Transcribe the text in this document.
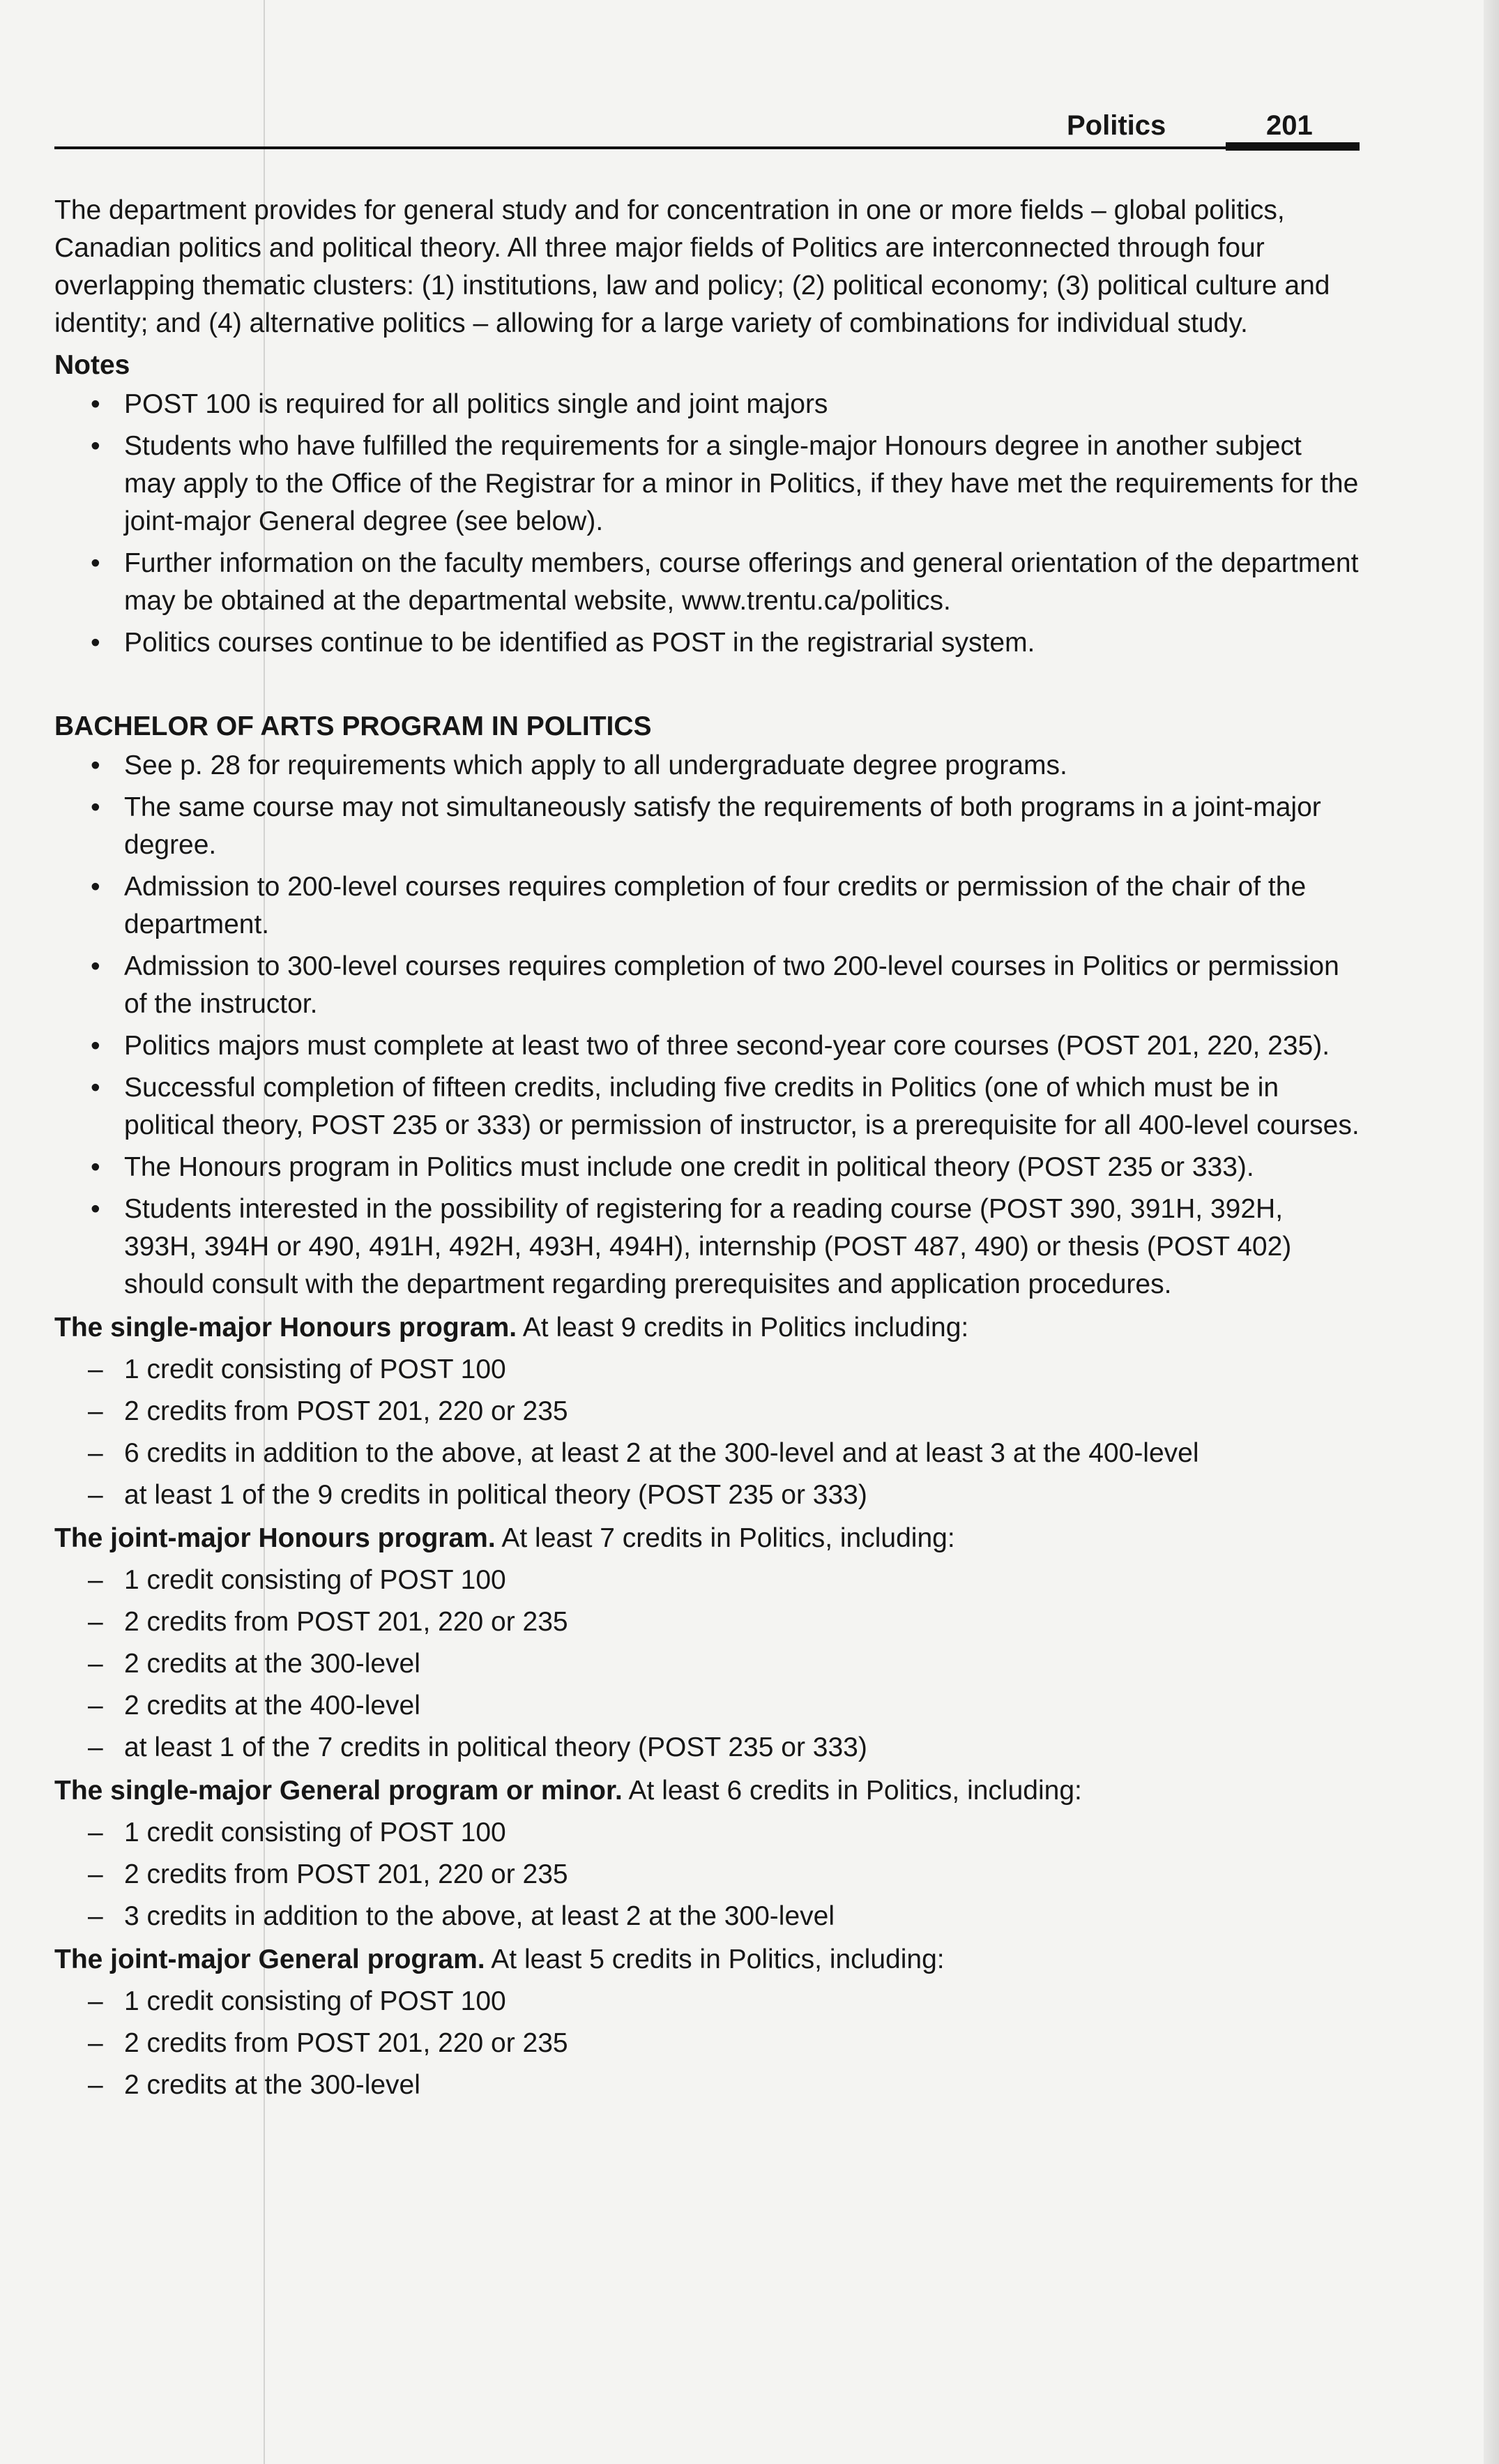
Politics	201

The department provides for general study and for concentration in one or more fields – global politics, Canadian politics and political theory. All three major fields of Politics are interconnected through four overlapping thematic clusters: (1) institutions, law and policy; (2) political economy; (3) political culture and identity; and (4) alternative politics – allowing for a large variety of combinations for individual study.

Notes

• POST 100 is required for all politics single and joint majors
• Students who have fulfilled the requirements for a single-major Honours degree in another subject may apply to the Office of the Registrar for a minor in Politics, if they have met the requirements for the joint-major General degree (see below).
• Further information on the faculty members, course offerings and general orientation of the department may be obtained at the departmental website, www.trentu.ca/politics.
• Politics courses continue to be identified as POST in the registrarial system.

BACHELOR OF ARTS PROGRAM IN POLITICS

• See p. 28 for requirements which apply to all undergraduate degree programs.
• The same course may not simultaneously satisfy the requirements of both programs in a joint-major degree.
• Admission to 200-level courses requires completion of four credits or permission of the chair of the department.
• Admission to 300-level courses requires completion of two 200-level courses in Politics or permission of the instructor.
• Politics majors must complete at least two of three second-year core courses (POST 201, 220, 235).
• Successful completion of fifteen credits, including five credits in Politics (one of which must be in political theory, POST 235 or 333) or permission of instructor, is a prerequisite for all 400-level courses.
• The Honours program in Politics must include one credit in political theory (POST 235 or 333).
• Students interested in the possibility of registering for a reading course (POST 390, 391H, 392H, 393H, 394H or 490, 491H, 492H, 493H, 494H), internship (POST 487, 490) or thesis (POST 402) should consult with the department regarding prerequisites and application procedures.

The single-major Honours program. At least 9 credits in Politics including:

– 1 credit consisting of POST 100
– 2 credits from POST 201, 220 or 235
– 6 credits in addition to the above, at least 2 at the 300-level and at least 3 at the 400-level
– at least 1 of the 9 credits in political theory (POST 235 or 333)

The joint-major Honours program. At least 7 credits in Politics, including:

– 1 credit consisting of POST 100
– 2 credits from POST 201, 220 or 235
– 2 credits at the 300-level
– 2 credits at the 400-level
– at least 1 of the 7 credits in political theory (POST 235 or 333)

The single-major General program or minor. At least 6 credits in Politics, including:

– 1 credit consisting of POST 100
– 2 credits from POST 201, 220 or 235
– 3 credits in addition to the above, at least 2 at the 300-level

The joint-major General program. At least 5 credits in Politics, including:

– 1 credit consisting of POST 100
– 2 credits from POST 201, 220 or 235
– 2 credits at the 300-level
